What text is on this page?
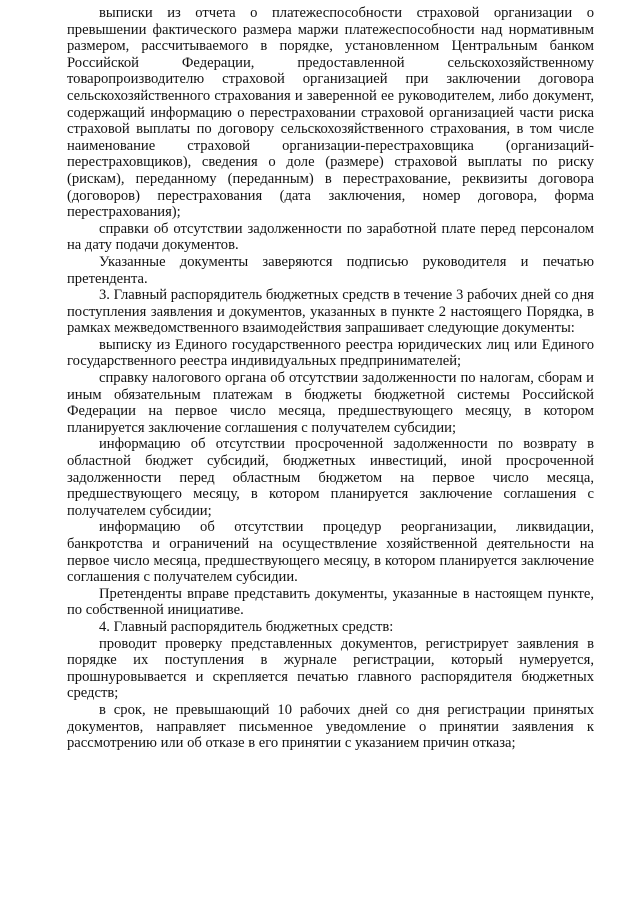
выписки из отчета о платежеспособности страховой организации о превышении фактического размера маржи платежеспособности над нормативным размером, рассчитываемого в порядке, установленном Центральным банком Российской Федерации, предоставленной сельскохозяйственному товаропроизводителю страховой организацией при заключении договора сельскохозяйственного страхования и заверенной ее руководителем, либо документ, содержащий информацию о перестраховании страховой организацией части риска страховой выплаты по договору сельскохозяйственного страхования, в том числе наименование страховой организации-перестраховщика (организаций-перестраховщиков), сведения о доле (размере) страховой выплаты по риску (рискам), переданному (переданным) в перестрахование, реквизиты договора (договоров) перестрахования (дата заключения, номер договора, форма перестрахования);

справки об отсутствии задолженности по заработной плате перед персоналом на дату подачи документов.

Указанные документы заверяются подписью руководителя и печатью претендента.

3. Главный распорядитель бюджетных средств в течение 3 рабочих дней со дня поступления заявления и документов, указанных в пункте 2 настоящего Порядка, в рамках межведомственного взаимодействия запрашивает следующие документы:

выписку из Единого государственного реестра юридических лиц или Единого государственного реестра индивидуальных предпринимателей;

справку налогового органа об отсутствии задолженности по налогам, сборам и иным обязательным платежам в бюджеты бюджетной системы Российской Федерации на первое число месяца, предшествующего месяцу, в котором планируется заключение соглашения с получателем субсидии;

информацию об отсутствии просроченной задолженности по возврату в областной бюджет субсидий, бюджетных инвестиций, иной просроченной задолженности перед областным бюджетом на первое число месяца, предшествующего месяцу, в котором планируется заключение соглашения с получателем субсидии;

информацию об отсутствии процедур реорганизации, ликвидации, банкротства и ограничений на осуществление хозяйственной деятельности на первое число месяца, предшествующего месяцу, в котором планируется заключение соглашения с получателем субсидии.

Претенденты вправе представить документы, указанные в настоящем пункте, по собственной инициативе.

4. Главный распорядитель бюджетных средств:

проводит проверку представленных документов, регистрирует заявления в порядке их поступления в журнале регистрации, который нумеруется, прошнуровывается и скрепляется печатью главного распорядителя бюджетных средств;

в срок, не превышающий 10 рабочих дней со дня регистрации принятых документов, направляет письменное уведомление о принятии заявления к рассмотрению или об отказе в его принятии с указанием причин отказа;
